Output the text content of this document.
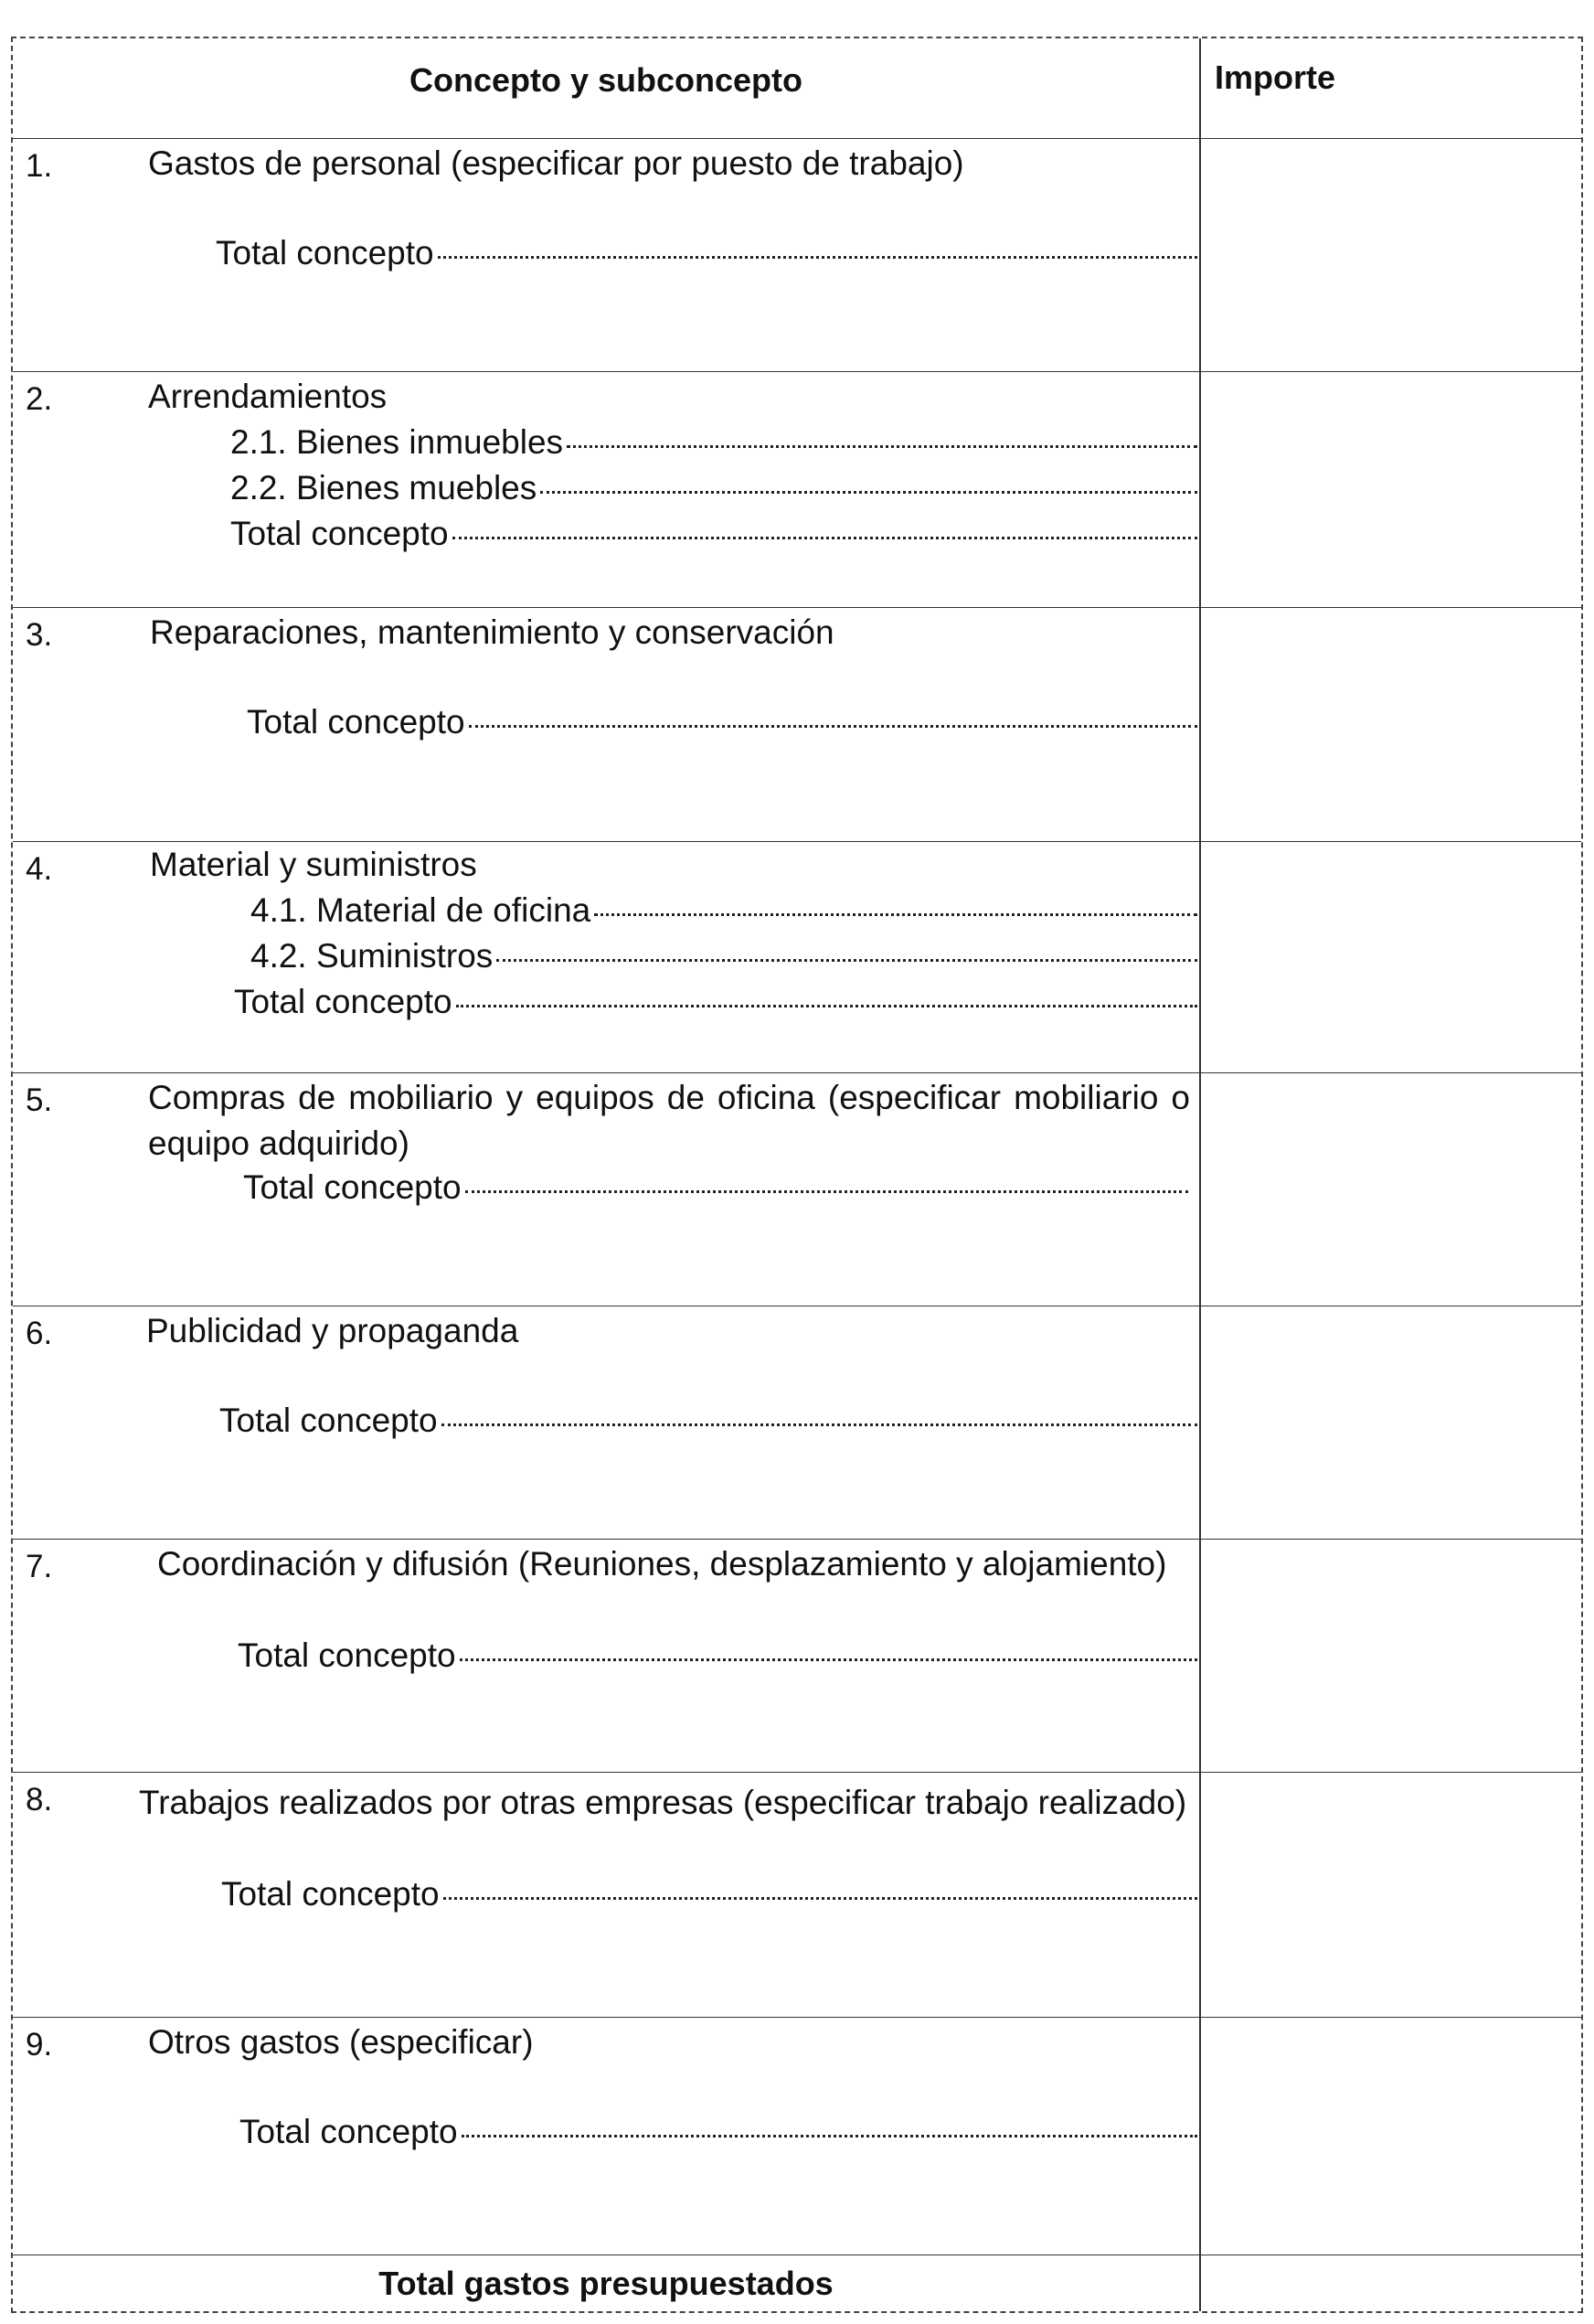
Concepto y subconcepto	Importe
1.	Gastos de personal (especificar por puesto de trabajo)
Total concepto
2.	Arrendamientos
2.1. Bienes inmuebles
2.2. Bienes muebles
Total concepto
3.	Reparaciones, mantenimiento y conservación
Total concepto
4.	Material y suministros
4.1. Material de oficina
4.2. Suministros
Total concepto
5.	Compras de mobiliario y equipos de oficina (especificar mobiliario o equipo adquirido)
Total concepto
6.	Publicidad y propaganda
Total concepto
7.	Coordinación y difusión (Reuniones, desplazamiento y alojamiento)
Total concepto
8.	Trabajos realizados por otras empresas (especificar trabajo realizado)
Total concepto
9.	Otros gastos (especificar)
Total concepto
Total gastos presupuestados
